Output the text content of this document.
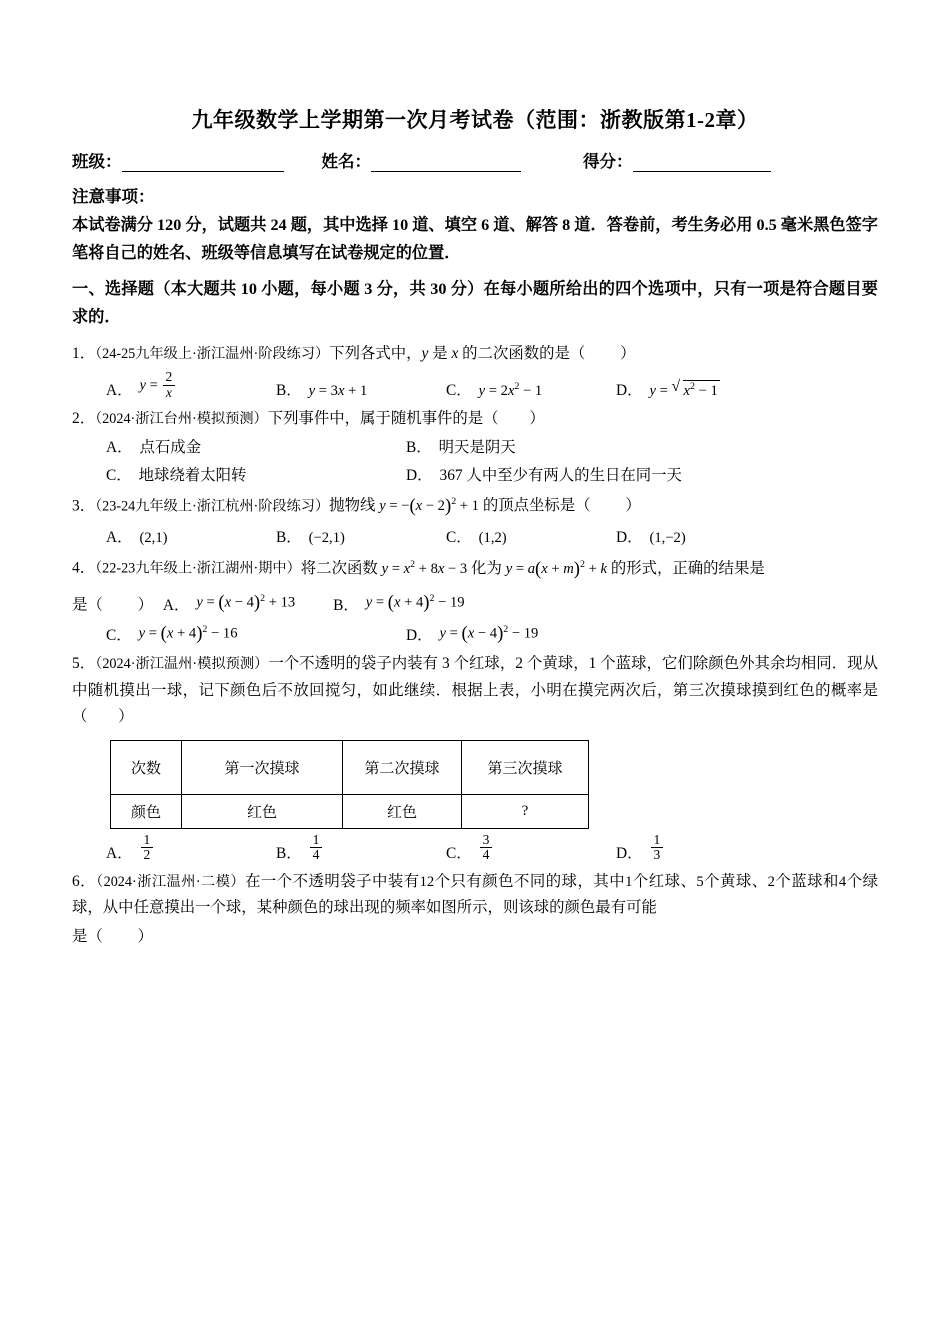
九年级数学上学期第一次月考试卷（范围：浙教版第1-2章）
班级：	姓名：	得分：
注意事项：
本试卷满分 120 分，试题共 24 题，其中选择 10 道、填空 6 道、解答 8 道．答卷前，考生务必用 0.5 毫米黑色签字笔将自己的姓名、班级等信息填写在试卷规定的位置．
一、选择题（本大题共 10 小题，每小题 3 分，共 30 分）在每小题所给出的四个选项中，只有一项是符合题目要求的．
1．（24-25九年级上·浙江温州·阶段练习）下列各式中，y 是 x 的二次函数的是（　　 ）
A． $y = \frac{2}{x}$	B． y = 3x + 1	C． $y = 2x^2 - 1$	D． y = √ $x^2 - 1$
2．（2024·浙江台州·模拟预测）下列事件中，属于随机事件的是（　　）
A． 点石成金	B． 明天是阴天
C． 地球绕着太阳转	D． 367 人中至少有两人的生日在同一天
3．（23-24九年级上·浙江杭州·阶段练习）抛物线 $y = -(x - 2)^2 + 1$ 的顶点坐标是（　　 ）
A． (2,1)	B． (−2,1)	C． (1,2)	D． (1,−2)
4．（22-23九年级上·浙江湖州·期中）将二次函数 $y = x^2 + 8x - 3$ 化为 $y = a(x + m)^2 + k$ 的形式，正确的结果是
是（　　 ） A． $y = (x - 4)^2 + 13$
B． $y = (x + 4)^2 - 19$
C． $y = (x + 4)^2 - 16$	D． $y = (x - 4)^2 - 19$
5．（2024·浙江温州·模拟预测）一个不透明的袋子内装有 3 个红球，2 个黄球，1 个蓝球，它们除颜色外其余均相同．现从中随机摸出一球，记下颜色后不放回搅匀，如此继续．根据上表，小明在摸完两次后，第三次摸球摸到红色的概率是（　　）
次数	第一次摸球	第二次摸球	第三次摸球
颜色	红色	红色	?
A． $\frac{1}{2}$	B． $\frac{1}{4}$	C． $\frac{3}{4}$	D． $\frac{1}{3}$
6．（2024·浙江温州·二模）在一个不透明袋子中装有12个只有颜色不同的球，其中1个红球、5个黄球、2个蓝球和4个绿球，从中任意摸出一个球，某种颜色的球出现的频率如图所示，则该球的颜色最有可能
是（　　 ）
